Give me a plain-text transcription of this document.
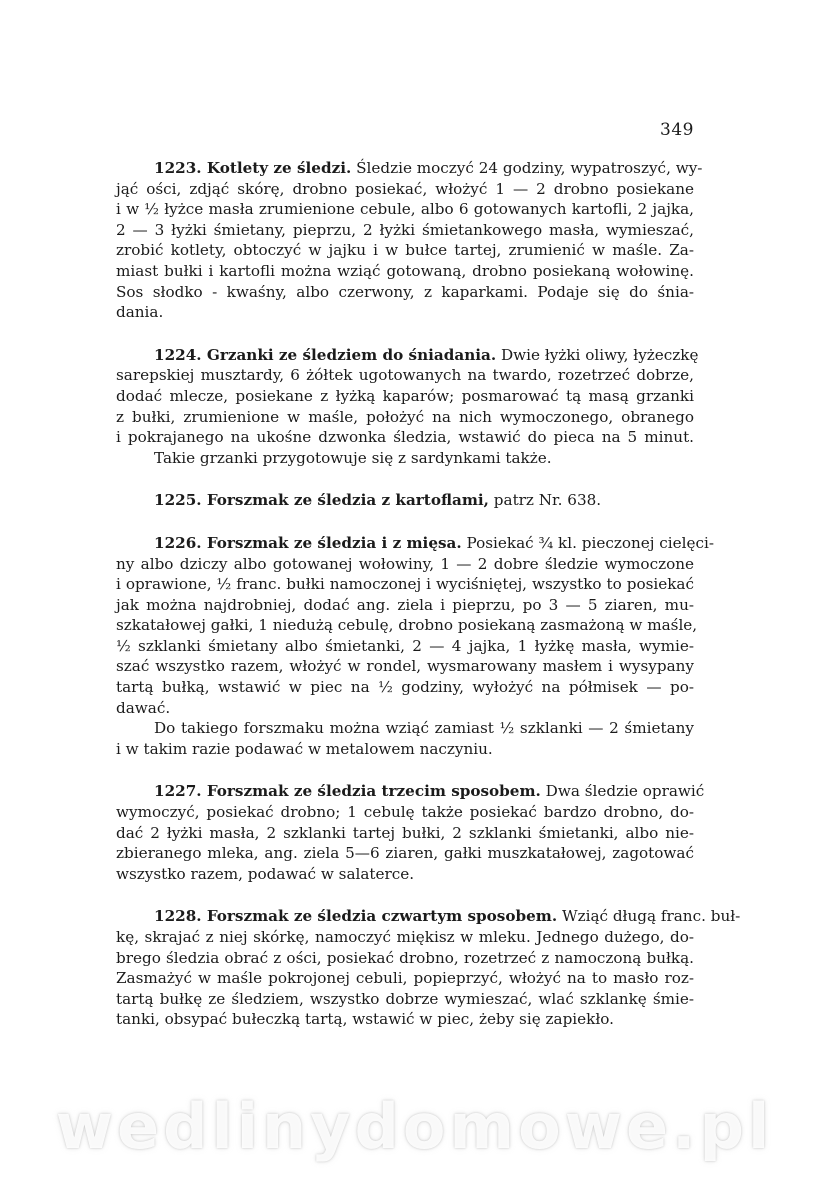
349
1223. Kotlety ze śledzi. Śledzie moczyć 24 godziny, wypatroszyć, wy-
jąć ości, zdjąć skórę, drobno posiekać, włożyć 1 — 2 drobno posiekane
i w ½ łyżce masła zrumienione cebule, albo 6 gotowanych kartofli, 2 jajka,
2 — 3 łyżki śmietany, pieprzu, 2 łyżki śmietankowego masła, wymieszać,
zrobić kotlety, obtoczyć w jajku i w bułce tartej, zrumienić w maśle. Za-
miast bułki i kartofli można wziąć gotowaną, drobno posiekaną wołowinę.
Sos słodko - kwaśny, albo czerwony, z kaparkami. Podaje się do śnia-
dania.
1224. Grzanki ze śledziem do śniadania. Dwie łyżki oliwy, łyżeczkę
sarepskiej musztardy, 6 żółtek ugotowanych na twardo, rozetrzeć dobrze,
dodać mlecze, posiekane z łyżką kaparów; posmarować tą masą grzanki
z bułki, zrumienione w maśle, położyć na nich wymoczonego, obranego
i pokrajanego na ukośne dzwonka śledzia, wstawić do pieca na 5 minut.
Takie grzanki przygotowuje się z sardynkami także.
1225. Forszmak ze śledzia z kartoflami, patrz Nr. 638.
1226. Forszmak ze śledzia i z mięsa. Posiekać ¾ kl. pieczonej cielęci-
ny albo dziczy albo gotowanej wołowiny, 1 — 2 dobre śledzie wymoczone
i oprawione, ½ franc. bułki namoczonej i wyciśniętej, wszystko to posiekać
jak można najdrobniej, dodać ang. ziela i pieprzu, po 3 — 5 ziaren, mu-
szkatałowej gałki, 1 niedużą cebulę, drobno posiekaną zasmażoną w maśle,
½ szklanki śmietany albo śmietanki, 2 — 4 jajka, 1 łyżkę masła, wymie-
szać wszystko razem, włożyć w rondel, wysmarowany masłem i wysypany
tartą bułką, wstawić w piec na ½ godziny, wyłożyć na półmisek — po-
dawać.
Do takiego forszmaku można wziąć zamiast ½ szklanki — 2 śmietany
i w takim razie podawać w metalowem naczyniu.
1227. Forszmak ze śledzia trzecim sposobem. Dwa śledzie oprawić
wymoczyć, posiekać drobno; 1 cebulę także posiekać bardzo drobno, do-
dać 2 łyżki masła, 2 szklanki tartej bułki, 2 szklanki śmietanki, albo nie-
zbieranego mleka, ang. ziela 5—6 ziaren, gałki muszkatałowej, zagotować
wszystko razem, podawać w salaterce.
1228. Forszmak ze śledzia czwartym sposobem. Wziąć długą franc. buł-
kę, skrajać z niej skórkę, namoczyć miękisz w mleku. Jednego dużego, do-
brego śledzia obrać z ości, posiekać drobno, rozetrzeć z namoczoną bułką.
Zasmażyć w maśle pokrojonej cebuli, popieprzyć, włożyć na to masło roz-
tartą bułkę ze śledziem, wszystko dobrze wymieszać, wlać szklankę śmie-
tanki, obsypać bułeczką tartą, wstawić w piec, żeby się zapiekło.
wedlinydomowe.pl
